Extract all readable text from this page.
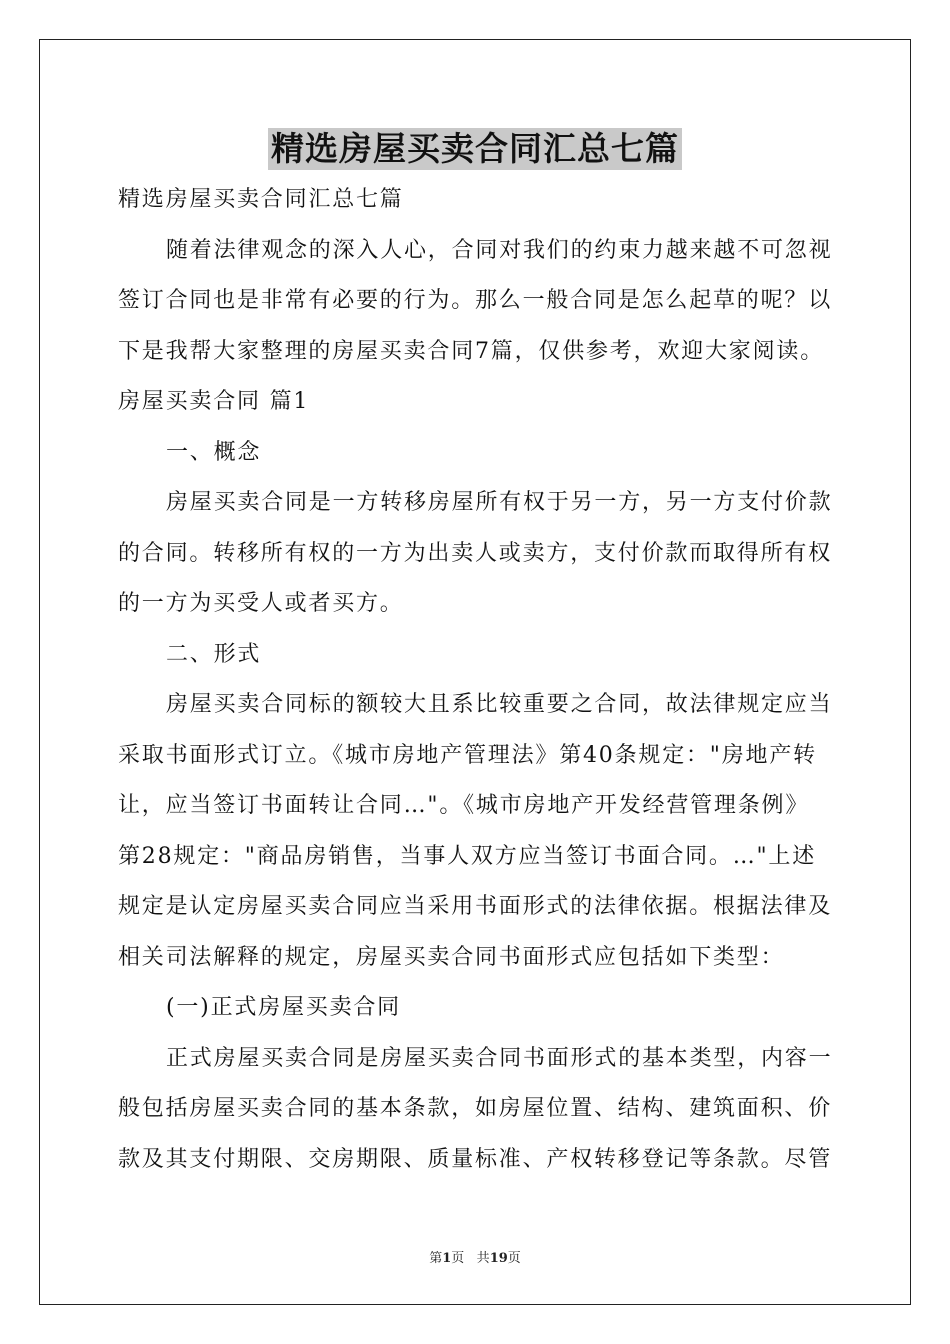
精选房屋买卖合同汇总七篇
精选房屋买卖合同汇总七篇
随着法律观念的深入人心，合同对我们的约束力越来越不可忽视
签订合同也是非常有必要的行为。那么一般合同是怎么起草的呢？以
下是我帮大家整理的房屋买卖合同7篇，仅供参考，欢迎大家阅读。
房屋买卖合同 篇1
一、概念
房屋买卖合同是一方转移房屋所有权于另一方，另一方支付价款
的合同。转移所有权的一方为出卖人或卖方，支付价款而取得所有权
的一方为买受人或者买方。
二、形式
房屋买卖合同标的额较大且系比较重要之合同，故法律规定应当
采取书面形式订立。《城市房地产管理法》第40条规定："房地产转
让，应当签订书面转让合同…"。《城市房地产开发经营管理条例》
第28规定："商品房销售，当事人双方应当签订书面合同。…"上述
规定是认定房屋买卖合同应当采用书面形式的法律依据。根据法律及
相关司法解释的规定，房屋买卖合同书面形式应包括如下类型：
(一)正式房屋买卖合同
正式房屋买卖合同是房屋买卖合同书面形式的基本类型，内容一
般包括房屋买卖合同的基本条款，如房屋位置、结构、建筑面积、价
款及其支付期限、交房期限、质量标准、产权转移登记等条款。尽管
第1页 共19页
